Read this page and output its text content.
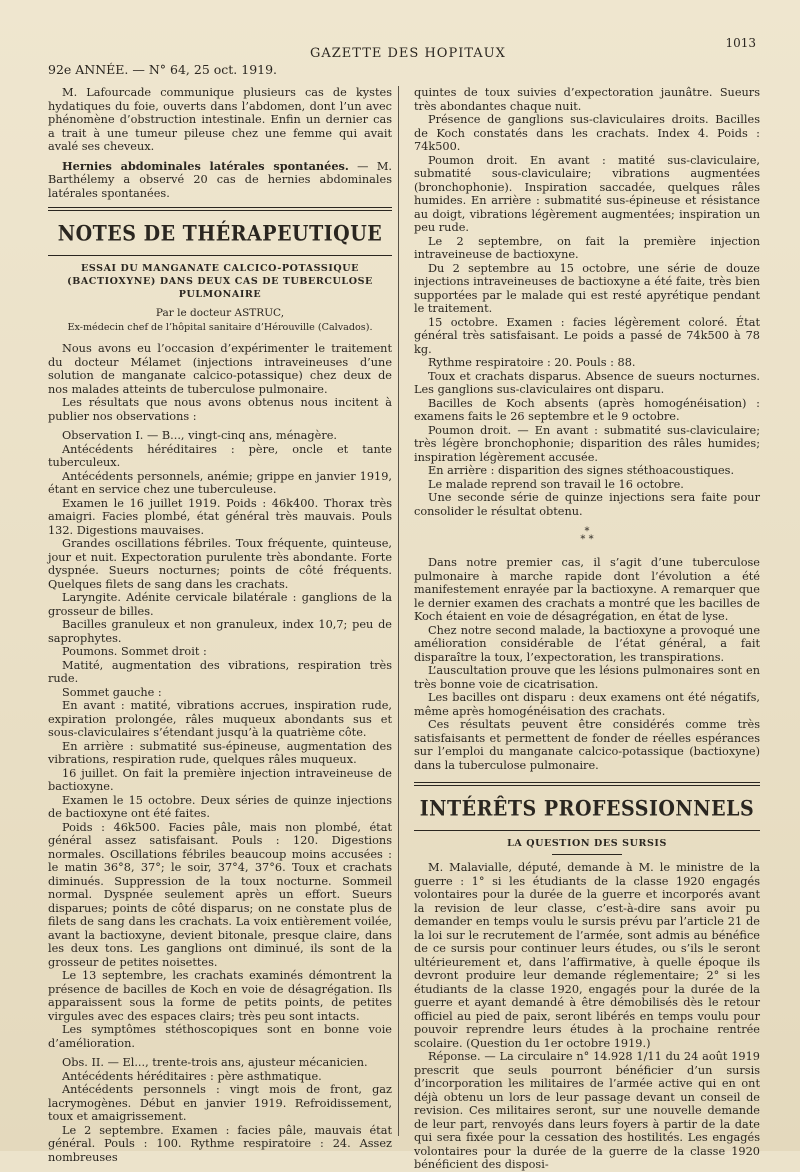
92e ANNÉE. — N° 64, 25 oct. 1919.
GAZETTE DES HOPITAUX
1013

M. Lafourcade communique plusieurs cas de kystes hydatiques du foie, ouverts dans l’abdomen, dont l’un avec phénomène d’obstruction intestinale. Enfin un dernier cas a trait à une tumeur pileuse chez une femme qui avait avalé ses cheveux.

Hernies abdominales latérales spontanées. — M. Barthélemy a observé 20 cas de hernies abdominales latérales spontanées.

NOTES DE THÉRAPEUTIQUE
ESSAI DU MANGANATE CALCICO-POTASSIQUE (BACTIOXYNE) DANS DEUX CAS DE TUBERCULOSE PULMONAIRE

Par le docteur ASTRUC,

Ex-médecin chef de l’hôpital sanitaire d’Hérouville (Calvados).

Nous avons eu l’occasion d’expérimenter le traitement du docteur Mélamet (injections intraveineuses d’une solution de manganate calcico-potassique) chez deux de nos malades atteints de tuberculose pulmonaire.

Les résultats que nous avons obtenus nous incitent à publier nos observations :

Observation I. — B..., vingt-cinq ans, ménagère.

Antécédents héréditaires : père, oncle et tante tuberculeux.

Antécédents personnels, anémie; grippe en janvier 1919, étant en service chez une tuberculeuse.

Examen le 16 juillet 1919. Poids : 46k400. Thorax très amaigri. Facies plombé, état général très mauvais. Pouls 132. Digestions mauvaises.

Grandes oscillations fébriles. Toux fréquente, quinteuse, jour et nuit. Expectoration purulente très abondante. Forte dyspnée. Sueurs nocturnes; points de côté fréquents. Quelques filets de sang dans les crachats.

Laryngite. Adénite cervicale bilatérale : ganglions de la grosseur de billes.

Bacilles granuleux et non granuleux, index 10,7; peu de saprophytes.

Poumons. Sommet droit :

Matité, augmentation des vibrations, respiration très rude.

Sommet gauche :

En avant : matité, vibrations accrues, inspiration rude, expiration prolongée, râles muqueux abondants sus et sous-claviculaires s’étendant jusqu’à la quatrième côte.

En arrière : submatité sus-épineuse, augmentation des vibrations, respiration rude, quelques râles muqueux.

16 juillet. On fait la première injection intraveineuse de bactioxyne.

Examen le 15 octobre. Deux séries de quinze injections de bactioxyne ont été faites.

Poids : 46k500. Facies pâle, mais non plombé, état général assez satisfaisant. Pouls : 120. Digestions normales. Oscillations fébriles beaucoup moins accusées : le matin 36°8, 37°; le soir, 37°4, 37°6. Toux et crachats diminués. Suppression de la toux nocturne. Sommeil normal. Dyspnée seulement après un effort. Sueurs disparues; points de côté disparus; on ne constate plus de filets de sang dans les crachats. La voix entièrement voilée, avant la bactioxyne, devient bitonale, presque claire, dans les deux tons. Les ganglions ont diminué, ils sont de la grosseur de petites noisettes.

Le 13 septembre, les crachats examinés démontrent la présence de bacilles de Koch en voie de désagrégation. Ils apparaissent sous la forme de petits points, de petites virgules avec des espaces clairs; très peu sont intacts.

Les symptômes stéthoscopiques sont en bonne voie d’amélioration.

Obs. II. — El..., trente-trois ans, ajusteur mécanicien.

Antécédents héréditaires : père asthmatique.

Antécédents personnels : vingt mois de front, gaz lacrymogènes. Début en janvier 1919. Refroidissement, toux et amaigrissement.

Le 2 septembre. Examen : facies pâle, mauvais état général. Pouls : 100. Rythme respiratoire : 24. Assez nombreuses

quintes de toux suivies d’expectoration jaunâtre. Sueurs très abondantes chaque nuit.

Présence de ganglions sus-claviculaires droits. Bacilles de Koch constatés dans les crachats. Index 4. Poids : 74k500.

Poumon droit. En avant : matité sus-claviculaire, submatité sous-claviculaire; vibrations augmentées (bronchophonie). Inspiration saccadée, quelques râles humides. En arrière : submatité sus-épineuse et résistance au doigt, vibrations légèrement augmentées; inspiration un peu rude.

Le 2 septembre, on fait la première injection intraveineuse de bactioxyne.

Du 2 septembre au 15 octobre, une série de douze injections intraveineuses de bactioxyne a été faite, très bien supportées par le malade qui est resté apyrétique pendant le traitement.

15 octobre. Examen : facies légèrement coloré. État général très satisfaisant. Le poids a passé de 74k500 à 78 kg.

Rythme respiratoire : 20. Pouls : 88.

Toux et crachats disparus. Absence de sueurs nocturnes. Les ganglions sus-claviculaires ont disparu.

Bacilles de Koch absents (après homogénéisation) : examens faits le 26 septembre et le 9 octobre.

Poumon droit. — En avant : submatité sus-claviculaire; très légère bronchophonie; disparition des râles humides; inspiration légèrement accusée.

En arrière : disparition des signes stéthoacoustiques.

Le malade reprend son travail le 16 octobre.

Une seconde série de quinze injections sera faite pour consolider le résultat obtenu.

*
* *

Dans notre premier cas, il s’agit d’une tuberculose pulmonaire à marche rapide dont l’évolution a été manifestement enrayée par la bactioxyne. A remarquer que le dernier examen des crachats a montré que les bacilles de Koch étaient en voie de désagrégation, en état de lyse.

Chez notre second malade, la bactioxyne a provoqué une amélioration considérable de l’état général, a fait disparaître la toux, l’expectoration, les transpirations.

L’auscultation prouve que les lésions pulmonaires sont en très bonne voie de cicatrisation.

Les bacilles ont disparu : deux examens ont été négatifs, même après homogénéisation des crachats.

Ces résultats peuvent être considérés comme très satisfaisants et permettent de fonder de réelles espérances sur l’emploi du manganate calcico-potassique (bactioxyne) dans la tuberculose pulmonaire.

INTÉRÊTS PROFESSIONNELS
LA QUESTION DES SURSIS

M. Malavialle, député, demande à M. le ministre de la guerre : 1° si les étudiants de la classe 1920 engagés volontaires pour la durée de la guerre et incorporés avant la revision de leur classe, c’est-à-dire sans avoir pu demander en temps voulu le sursis prévu par l’article 21 de la loi sur le recrutement de l’armée, sont admis au bénéfice de ce sursis pour continuer leurs études, ou s’ils le seront ultérieurement et, dans l’affirmative, à quelle époque ils devront produire leur demande réglementaire; 2° si les étudiants de la classe 1920, engagés pour la durée de la guerre et ayant demandé à être démobilisés dès le retour officiel au pied de paix, seront libérés en temps voulu pour pouvoir reprendre leurs études à la prochaine rentrée scolaire. (Question du 1er octobre 1919.)

Réponse. — La circulaire n° 14.928 1/11 du 24 août 1919 prescrit que seuls pourront bénéficier d’un sursis d’incorporation les militaires de l’armée active qui en ont déjà obtenu un lors de leur passage devant un conseil de revision. Ces militaires seront, sur une nouvelle demande de leur part, renvoyés dans leurs foyers à partir de la date qui sera fixée pour la cessation des hostilités. Les engagés volontaires pour la durée de la guerre de la classe 1920 bénéficient des disposi-
